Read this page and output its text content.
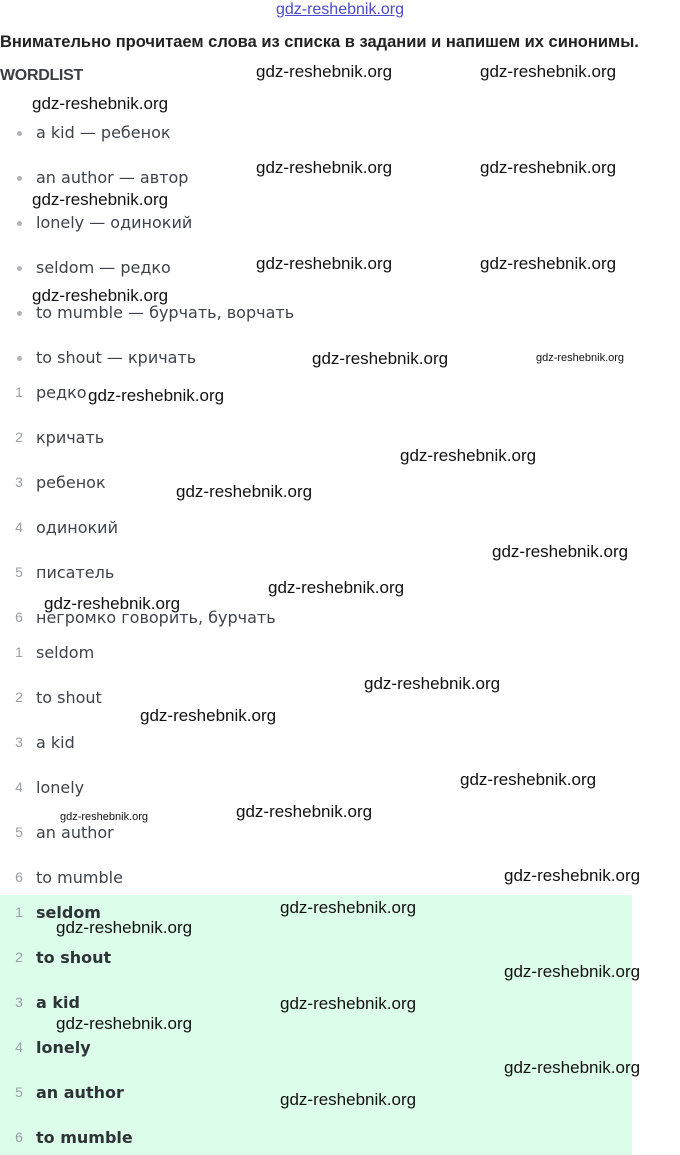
gdz-reshebnik.org
Внимательно прочитаем слова из списка в задании и напишем их синонимы.
WORDLIST
a kid — ребенок
an author — автор
lonely — одинокий
seldom — редко
to mumble — бурчать, ворчать
to shout — кричать
1 редко
2 кричать
3 ребенок
4 одинокий
5 писатель
6 негромко говорить, бурчать
1 seldom
2 to shout
3 a kid
4 lonely
5 an author
6 to mumble
1 seldom
2 to shout
3 a kid
4 lonely
5 an author
6 to mumble
gdz-reshebnik.org	gdz-reshebnik.org
gdz-reshebnik.org
gdz-reshebnik.org	gdz-reshebnik.org
gdz-reshebnik.org
gdz-reshebnik.org	gdz-reshebnik.org
gdz-reshebnik.org
gdz-reshebnik.org	gdz-reshebnik.org
gdz-reshebnik.org
gdz-reshebnik.org
gdz-reshebnik.org
gdz-reshebnik.org
gdz-reshebnik.org
gdz-reshebnik.org
gdz-reshebnik.org
gdz-reshebnik.org
gdz-reshebnik.org
gdz-reshebnik.org
gdz-reshebnik.org
gdz-reshebnik.org
gdz-reshebnik.org
gdz-reshebnik.org
gdz-reshebnik.org
gdz-reshebnik.org
gdz-reshebnik.org
gdz-reshebnik.org
gdz-reshebnik.org
